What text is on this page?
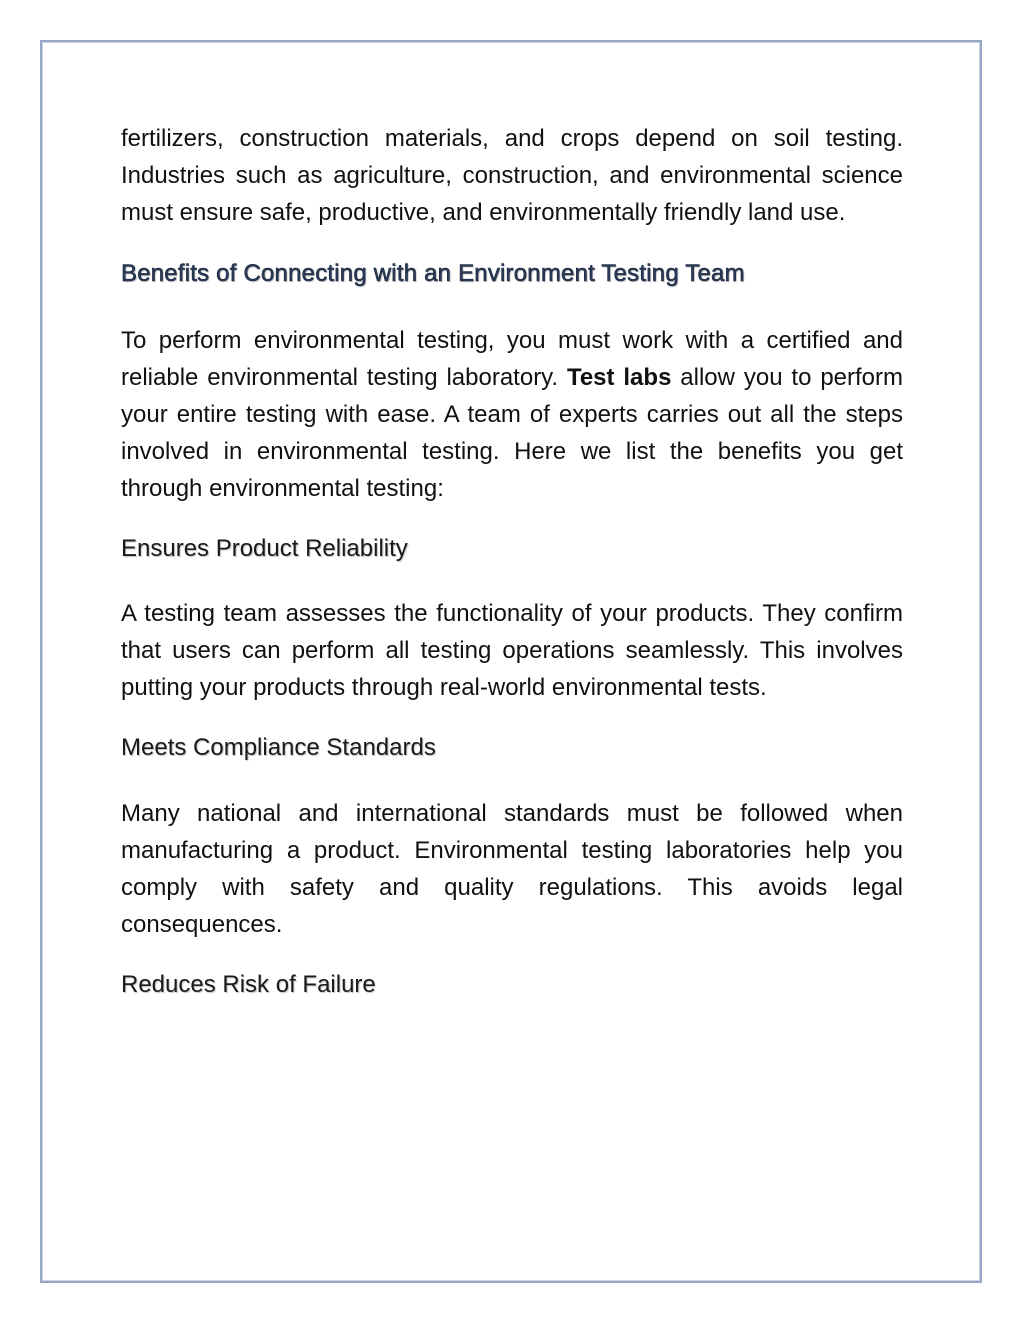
fertilizers, construction materials, and crops depend on soil testing. Industries such as agriculture, construction, and environmental science must ensure safe, productive, and environmentally friendly land use.

Benefits of Connecting with an Environment Testing Team

To perform environmental testing, you must work with a certified and reliable environmental testing laboratory. Test labs allow you to perform your entire testing with ease. A team of experts carries out all the steps involved in environmental testing. Here we list the benefits you get through environmental testing:

Ensures Product Reliability

A testing team assesses the functionality of your products. They confirm that users can perform all testing operations seamlessly. This involves putting your products through real-world environmental tests.

Meets Compliance Standards

Many national and international standards must be followed when manufacturing a product. Environmental testing laboratories help you comply with safety and quality regulations. This avoids legal consequences.

Reduces Risk of Failure
